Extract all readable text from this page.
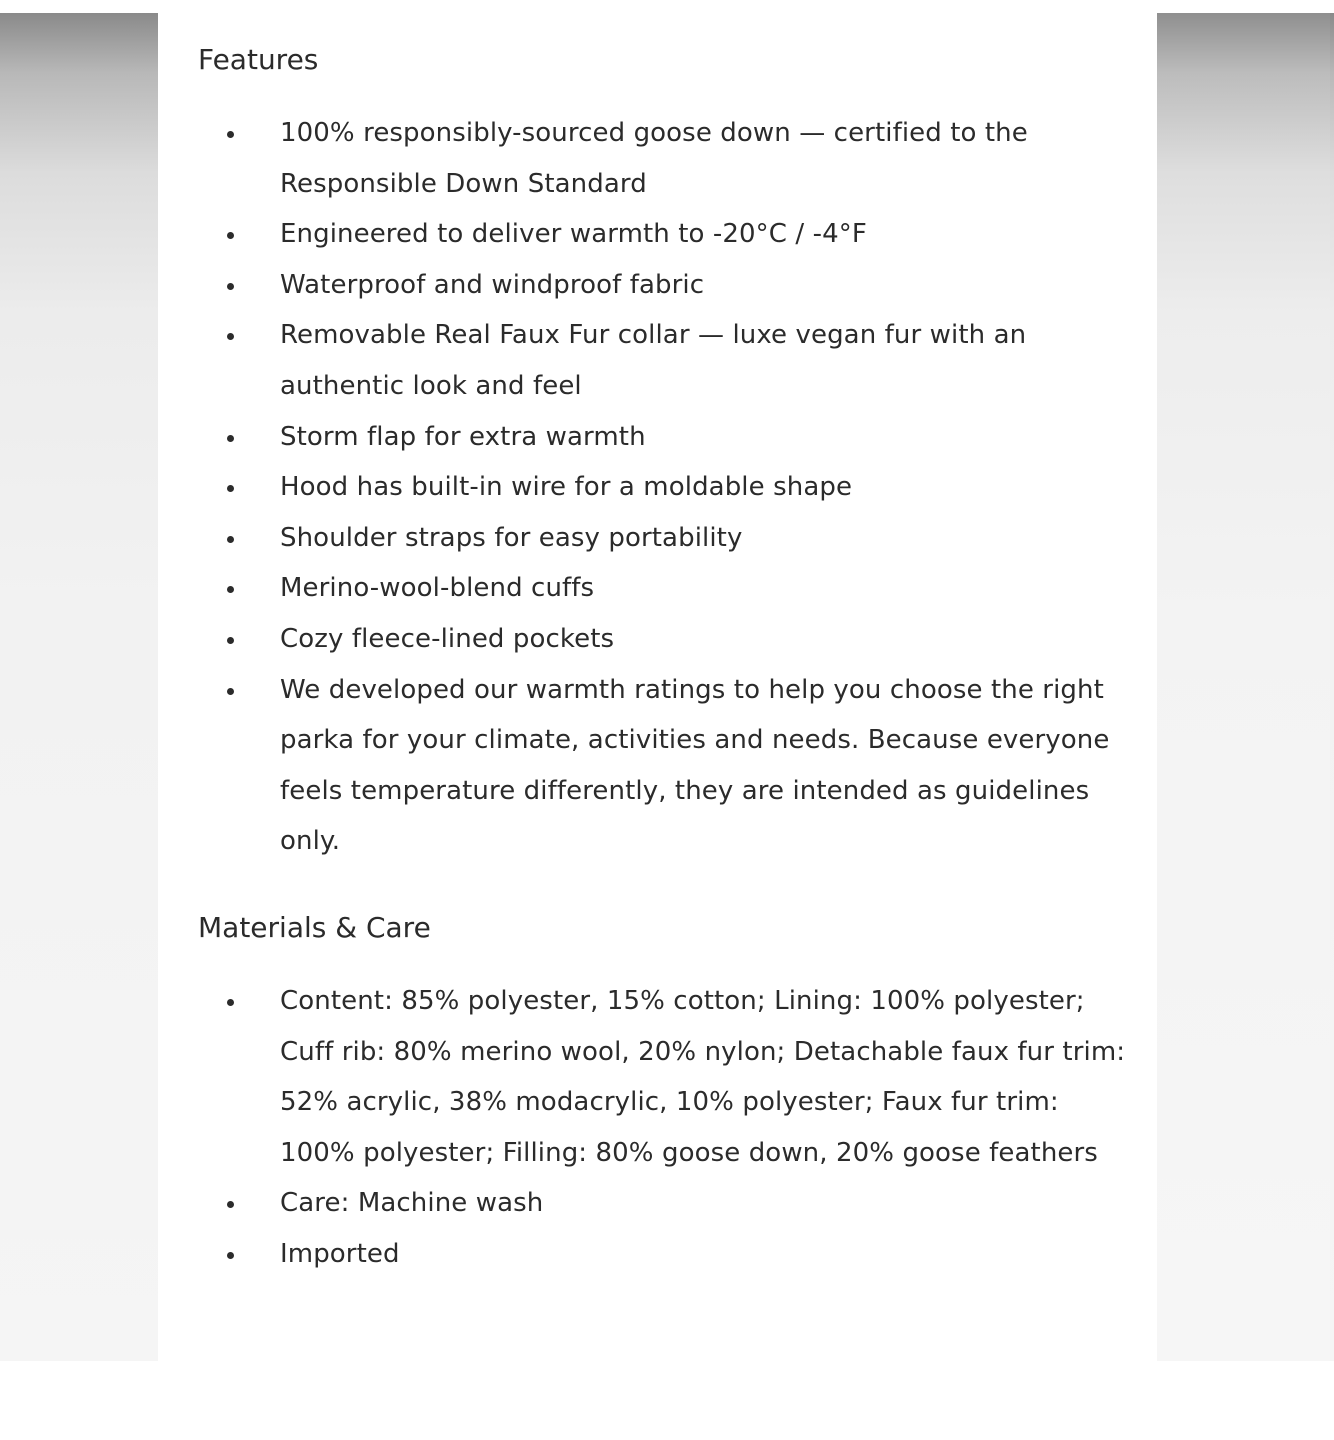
Features
100% responsibly-sourced goose down — certified to the Responsible Down Standard
Engineered to deliver warmth to -20°C / -4°F
Waterproof and windproof fabric
Removable Real Faux Fur collar — luxe vegan fur with an authentic look and feel
Storm flap for extra warmth
Hood has built-in wire for a moldable shape
Shoulder straps for easy portability
Merino-wool-blend cuffs
Cozy fleece-lined pockets
We developed our warmth ratings to help you choose the right parka for your climate, activities and needs. Because everyone feels temperature differently, they are intended as guidelines only.
Materials & Care
Content: 85% polyester, 15% cotton; Lining: 100% polyester; Cuff rib: 80% merino wool, 20% nylon; Detachable faux fur trim: 52% acrylic, 38% modacrylic, 10% polyester; Faux fur trim: 100% polyester; Filling: 80% goose down, 20% goose feathers
Care: Machine wash
Imported
